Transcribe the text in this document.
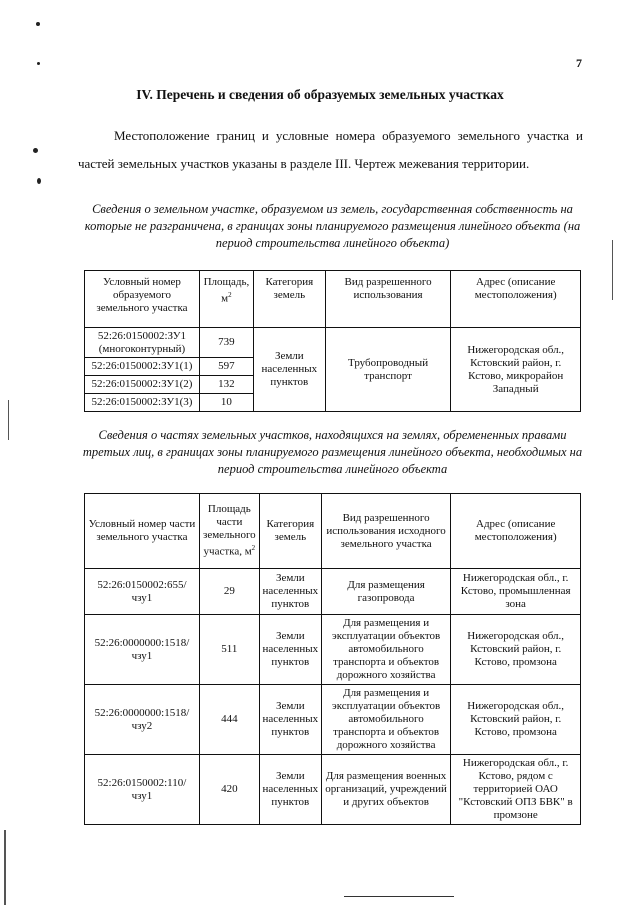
7
IV. Перечень и сведения об образуемых земельных участках
Местоположение границ и условные номера образуемого земельного участка и частей земельных участков указаны в разделе III. Чертеж межевания территории.
Сведения о земельном участке, образуемом из земель, государственная собственность на которые не разграничена, в границах зоны планируемого размещения линейного объекта (на период строительства линейного объекта)
Условный номер образуемого земельного участка	Площадь, $м^2$	Категория земель	Вид разрешенного использования	Адрес (описание местоположения)
52:26:0150002:ЗУ1 (многоконтурный)	739	Земли населенных пунктов	Трубопроводный транспорт	Нижегородская обл., Кстовский район, г. Кстово, микрорайон Западный
52:26:0150002:ЗУ1(1)	597			
52:26:0150002:ЗУ1(2)	132			
52:26:0150002:ЗУ1(3)	10			
Сведения о частях земельных участков, находящихся на землях, обремененных правами третьих лиц, в границах зоны планируемого размещения линейного объекта, необходимых на период строительства линейного объекта
Условный номер части земельного участка	Площадь части земельного участка, $м^2$	Категория земель	Вид разрешенного использования исходного земельного участка	Адрес (описание местоположения)
52:26:0150002:655/ чзу1	29	Земли населенных пунктов	Для размещения газопровода	Нижегородская обл., г. Кстово, промышленная зона
52:26:0000000:1518/ чзу1	511	Земли населенных пунктов	Для размещения и эксплуатации объектов автомобильного транспорта и объектов дорожного хозяйства	Нижегородская обл., Кстовский район, г. Кстово, промзона
52:26:0000000:1518/ чзу2	444	Земли населенных пунктов	Для размещения и эксплуатации объектов автомобильного транспорта и объектов дорожного хозяйства	Нижегородская обл., Кстовский район, г. Кстово, промзона
52:26:0150002:110/ чзу1	420	Земли населенных пунктов	Для размещения военных организаций, учреждений и других объектов	Нижегородская обл., г. Кстово, рядом с территорией ОАО "Кстовский ОПЗ БВК" в промзоне
